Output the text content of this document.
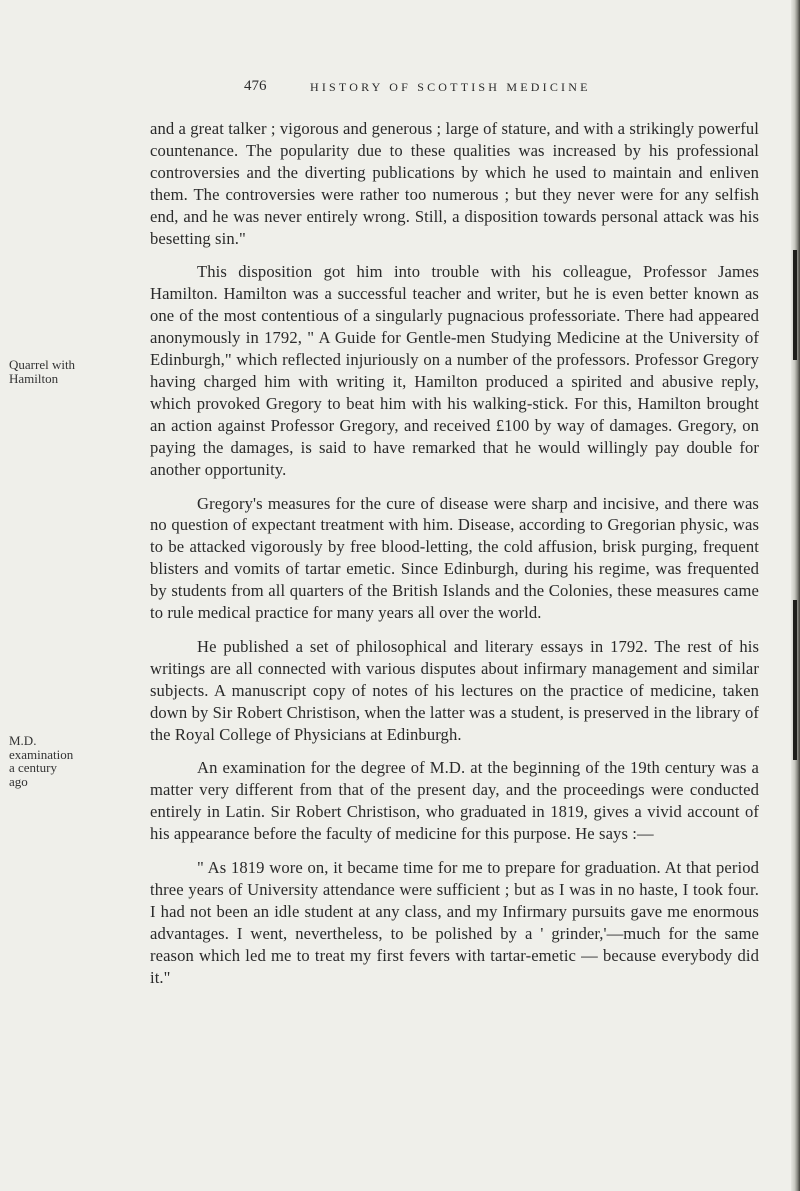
476	HISTORY OF SCOTTISH MEDICINE
Quarrel with
Hamilton
M.D.
examination
a century
ago

and a great talker ; vigorous and generous ; large of stature, and with a strikingly powerful countenance. The popularity due to these qualities was increased by his professional controversies and the diverting publications by which he used to maintain and enliven them. The controversies were rather too numerous ; but they never were for any selfish end, and he was never entirely wrong. Still, a disposition towards personal attack was his besetting sin."

This disposition got him into trouble with his colleague, Professor James Hamilton. Hamilton was a successful teacher and writer, but he is even better known as one of the most contentious of a singularly pugnacious professoriate. There had appeared anonymously in 1792, " A Guide for Gentle-men Studying Medicine at the University of Edinburgh," which reflected injuriously on a number of the professors. Professor Gregory having charged him with writing it, Hamilton produced a spirited and abusive reply, which provoked Gregory to beat him with his walking-stick. For this, Hamilton brought an action against Professor Gregory, and received £100 by way of damages. Gregory, on paying the damages, is said to have remarked that he would willingly pay double for another opportunity.

Gregory's measures for the cure of disease were sharp and incisive, and there was no question of expectant treatment with him. Disease, according to Gregorian physic, was to be attacked vigorously by free blood-letting, the cold affusion, brisk purging, frequent blisters and vomits of tartar emetic. Since Edinburgh, during his regime, was frequented by students from all quarters of the British Islands and the Colonies, these measures came to rule medical practice for many years all over the world.

He published a set of philosophical and literary essays in 1792. The rest of his writings are all connected with various disputes about infirmary management and similar subjects. A manuscript copy of notes of his lectures on the practice of medicine, taken down by Sir Robert Christison, when the latter was a student, is preserved in the library of the Royal College of Physicians at Edinburgh.

An examination for the degree of M.D. at the beginning of the 19th century was a matter very different from that of the present day, and the proceedings were conducted entirely in Latin. Sir Robert Christison, who graduated in 1819, gives a vivid account of his appearance before the faculty of medicine for this purpose. He says :—

" As 1819 wore on, it became time for me to prepare for graduation. At that period three years of University attendance were sufficient ; but as I was in no haste, I took four. I had not been an idle student at any class, and my Infirmary pursuits gave me enormous advantages. I went, nevertheless, to be polished by a ' grinder,'—much for the same reason which led me to treat my first fevers with tartar-emetic — because everybody did it."
